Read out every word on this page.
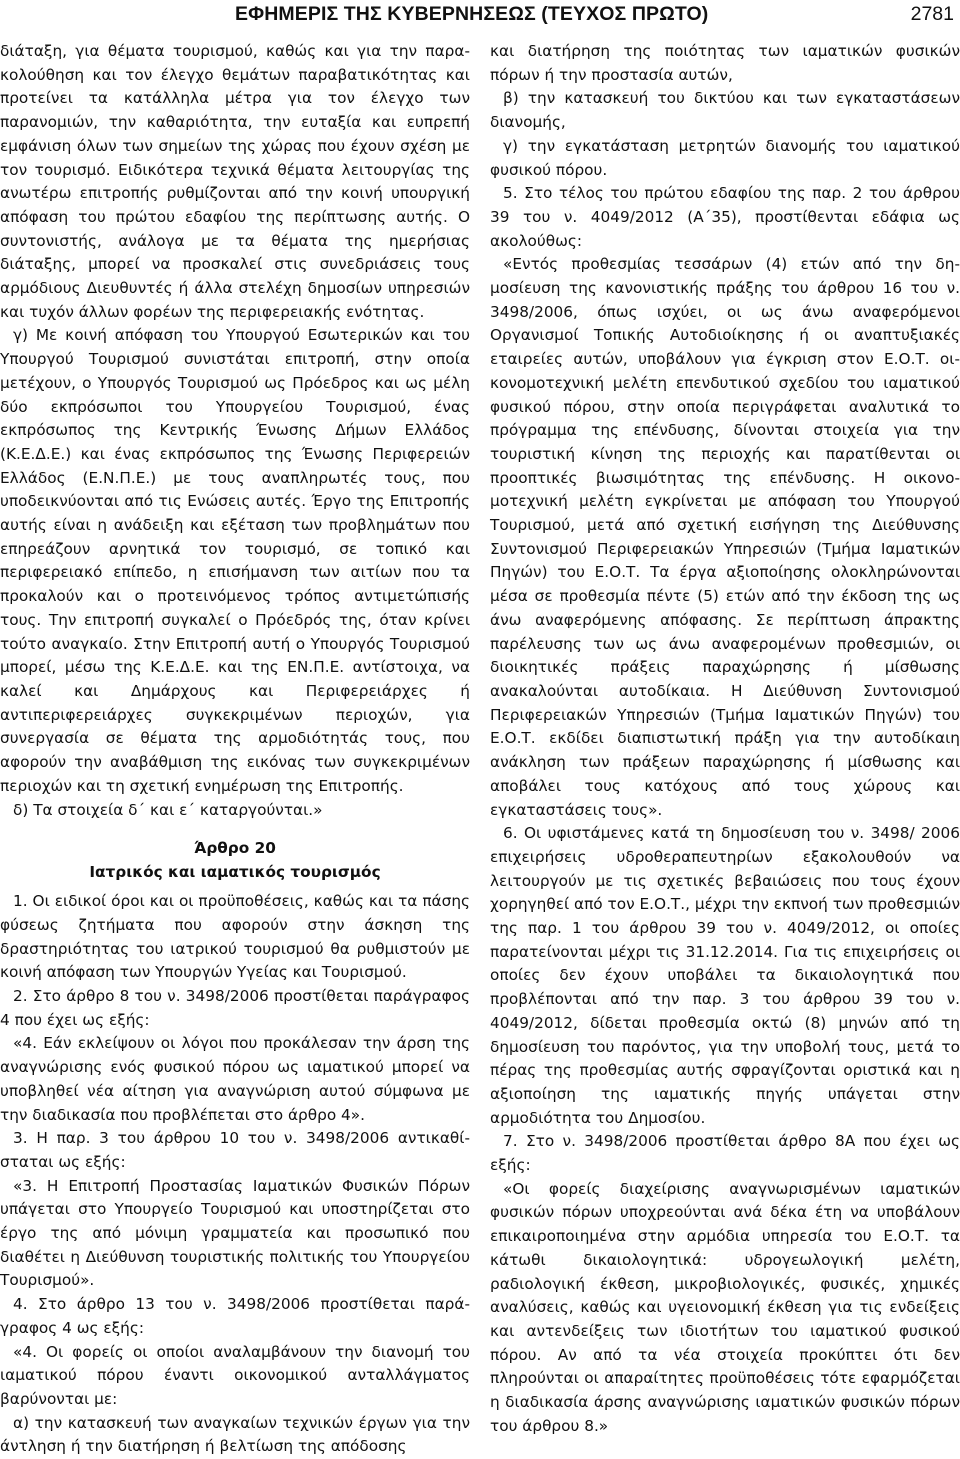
ΕΦΗΜΕΡΙΣ ΤΗΣ ΚΥΒΕΡΝΗΣΕΩΣ (ΤΕΥΧΟΣ ΠΡΩΤΟ)	2781

διάταξη, για θέματα τουρισμού, καθώς και για την παρακολούθηση και τον έλεγχο θεμάτων παραβατικότητας και προτείνει τα κατάλληλα μέτρα για τον έλεγχο των παρανομιών, την καθαριότητα, την ευταξία και ευπρεπή εμφάνιση όλων των σημείων της χώρας που έχουν σχέση με τον τουρισμό. Ειδικότερα τεχνικά θέματα λειτουργίας της ανωτέρω επιτροπής ρυθμίζονται από την κοινή υπουργική απόφαση του πρώτου εδαφίου της περίπτωσης αυτής. Ο συντονιστής, ανάλογα με τα θέματα της ημερήσιας διάταξης, μπορεί να προσκαλεί στις συνεδριάσεις τους αρμόδιους Διευθυντές ή άλλα στελέχη δημοσίων υπηρεσιών και τυχόν άλλων φορέων της περιφερειακής ενότητας.

γ) Με κοινή απόφαση του Υπουργού Εσωτερικών και του Υπουργού Τουρισμού συνιστάται επιτροπή, στην οποία μετέχουν, ο Υπουργός Τουρισμού ως Πρόεδρος και ως μέλη δύο εκπρόσωποι του Υπουργείου Τουρισμού, ένας εκπρόσωπος της Κεντρικής Ένωσης Δήμων Ελλάδος (Κ.Ε.Δ.Ε.) και ένας εκπρόσωπος της Ένωσης Περιφερειών Ελλάδος (Ε.Ν.Π.Ε.) με τους αναπληρωτές τους, που υποδεικνύονται από τις Ενώσεις αυτές. Έργο της Επιτροπής αυτής είναι η ανάδειξη και εξέταση των προβλημάτων που επηρεάζουν αρνητικά τον τουρισμό, σε τοπικό και περιφερειακό επίπεδο, η επισήμανση των αιτίων που τα προκαλούν και ο προτεινόμενος τρόπος αντιμετώπισής τους. Την επιτροπή συγκαλεί ο Πρόεδρός της, όταν κρίνει τούτο αναγκαίο. Στην Επιτροπή αυτή ο Υπουργός Τουρισμού μπορεί, μέσω της Κ.Ε.Δ.Ε. και της ΕΝ.Π.Ε. αντίστοιχα, να καλεί και Δημάρχους και Περιφερειάρχες ή αντιπεριφερειάρχες συγκεκριμένων περιοχών, για συνεργασία σε θέματα της αρμοδιότητάς τους, που αφορούν την αναβάθμιση της εικόνας των συγκεκριμένων περιοχών και τη σχετική ενημέρωση της Επιτροπής.

δ) Τα στοιχεία δ΄ και ε΄ καταργούνται.»

Άρθρο 20
Ιατρικός και ιαματικός τουρισμός

1. Οι ειδικοί όροι και οι προϋποθέσεις, καθώς και τα πάσης φύσεως ζητήματα που αφορούν στην άσκηση της δραστηριότητας του ιατρικού τουρισμού θα ρυθμιστούν με κοινή απόφαση των Υπουργών Υγείας και Τουρισμού.

2. Στο άρθρο 8 του ν. 3498/2006 προστίθεται παράγραφος 4 που έχει ως εξής:

«4. Εάν εκλείψουν οι λόγοι που προκάλεσαν την άρση της αναγνώρισης ενός φυσικού πόρου ως ιαματικού μπορεί να υποβληθεί νέα αίτηση για αναγνώριση αυτού σύμφωνα με την διαδικασία που προβλέπεται στο άρθρο 4».

3. Η παρ. 3 του άρθρου 10 του ν. 3498/2006 αντικαθίσταται ως εξής:

«3. Η Επιτροπή Προστασίας Ιαματικών Φυσικών Πόρων υπάγεται στο Υπουργείο Τουρισμού και υποστηρίζεται στο έργο της από μόνιμη γραμματεία και προσωπικό που διαθέτει η Διεύθυνση τουριστικής πολιτικής του Υπουργείου Τουρισμού».

4. Στο άρθρο 13 του ν. 3498/2006 προστίθεται παράγραφος 4 ως εξής:

«4. Οι φορείς οι οποίοι αναλαμβάνουν την διανομή του ιαματικού πόρου έναντι οικονομικού ανταλλάγματος βαρύνονται με:

α) την κατασκευή των αναγκαίων τεχνικών έργων για την άντληση ή την διατήρηση ή βελτίωση της απόδοσης

και διατήρηση της ποιότητας των ιαματικών φυσικών πόρων ή την προστασία αυτών,

β) την κατασκευή του δικτύου και των εγκαταστάσεων διανομής,

γ) την εγκατάσταση μετρητών διανομής του ιαματικού φυσικού πόρου.

5. Στο τέλος του πρώτου εδαφίου της παρ. 2 του άρθρου 39 του ν. 4049/2012 (Α΄35), προστίθενται εδάφια ως ακολούθως:

«Εντός προθεσμίας τεσσάρων (4) ετών από την δημοσίευση της κανονιστικής πράξης του άρθρου 16 του ν. 3498/2006, όπως ισχύει, οι ως άνω αναφερόμενοι Οργανισμοί Τοπικής Αυτοδιοίκησης ή οι αναπτυξιακές εταιρείες αυτών, υποβάλουν για έγκριση στον Ε.Ο.Τ. οικονομοτεχνική μελέτη επενδυτικού σχεδίου του ιαματικού φυσικού πόρου, στην οποία περιγράφεται αναλυτικά το πρόγραμμα της επένδυσης, δίνονται στοιχεία για την τουριστική κίνηση της περιοχής και παρατίθενται οι προοπτικές βιωσιμότητας της επένδυσης. Η οικονομοτεχνική μελέτη εγκρίνεται με απόφαση του Υπουργού Τουρισμού, μετά από σχετική εισήγηση της Διεύθυνσης Συντονισμού Περιφερειακών Υπηρεσιών (Τμήμα Ιαματικών Πηγών) του Ε.Ο.Τ. Τα έργα αξιοποίησης ολοκληρώνονται μέσα σε προθεσμία πέντε (5) ετών από την έκδοση της ως άνω αναφερόμενης απόφασης. Σε περίπτωση άπρακτης παρέλευσης των ως άνω αναφερομένων προθεσμιών, οι διοικητικές πράξεις παραχώρησης ή μίσθωσης ανακαλούνται αυτοδίκαια. Η Διεύθυνση Συντονισμού Περιφερειακών Υπηρεσιών (Τμήμα Ιαματικών Πηγών) του Ε.Ο.Τ. εκδίδει διαπιστωτική πράξη για την αυτοδίκαιη ανάκληση των πράξεων παραχώρησης ή μίσθωσης και αποβάλει τους κατόχους από τους χώρους και εγκαταστάσεις τους».

6. Οι υφιστάμενες κατά τη δημοσίευση του ν. 3498/ 2006 επιχειρήσεις υδροθεραπευτηρίων εξακολουθούν να λειτουργούν με τις σχετικές βεβαιώσεις που τους έχουν χορηγηθεί από τον Ε.Ο.Τ., μέχρι την εκπνοή των προθεσμιών της παρ. 1 του άρθρου 39 του ν. 4049/2012, οι οποίες παρατείνονται μέχρι τις 31.12.2014. Για τις επιχειρήσεις οι οποίες δεν έχουν υποβάλει τα δικαιολογητικά που προβλέπονται από την παρ. 3 του άρθρου 39 του ν. 4049/2012, δίδεται προθεσμία οκτώ (8) μηνών από τη δημοσίευση του παρόντος, για την υποβολή τους, μετά το πέρας της προθεσμίας αυτής σφραγίζονται οριστικά και η αξιοποίηση της ιαματικής πηγής υπάγεται στην αρμοδιότητα του Δημοσίου.

7. Στο ν. 3498/2006 προστίθεται άρθρο 8Α που έχει ως εξής:

«Οι φορείς διαχείρισης αναγνωρισμένων ιαματικών φυσικών πόρων υποχρεούνται ανά δέκα έτη να υποβάλουν επικαιροποιημένα στην αρμόδια υπηρεσία του Ε.Ο.Τ. τα κάτωθι δικαιολογητικά: υδρογεωλογική μελέτη, ραδιολογική έκθεση, μικροβιολογικές, φυσικές, χημικές αναλύσεις, καθώς και υγειονομική έκθεση για τις ενδείξεις και αντενδείξεις των ιδιοτήτων του ιαματικού φυσικού πόρου. Αν από τα νέα στοιχεία προκύπτει ότι δεν πληρούνται οι απαραίτητες προϋποθέσεις τότε εφαρμόζεται η διαδικασία άρσης αναγνώρισης ιαματικών φυσικών πόρων του άρθρου 8.»
